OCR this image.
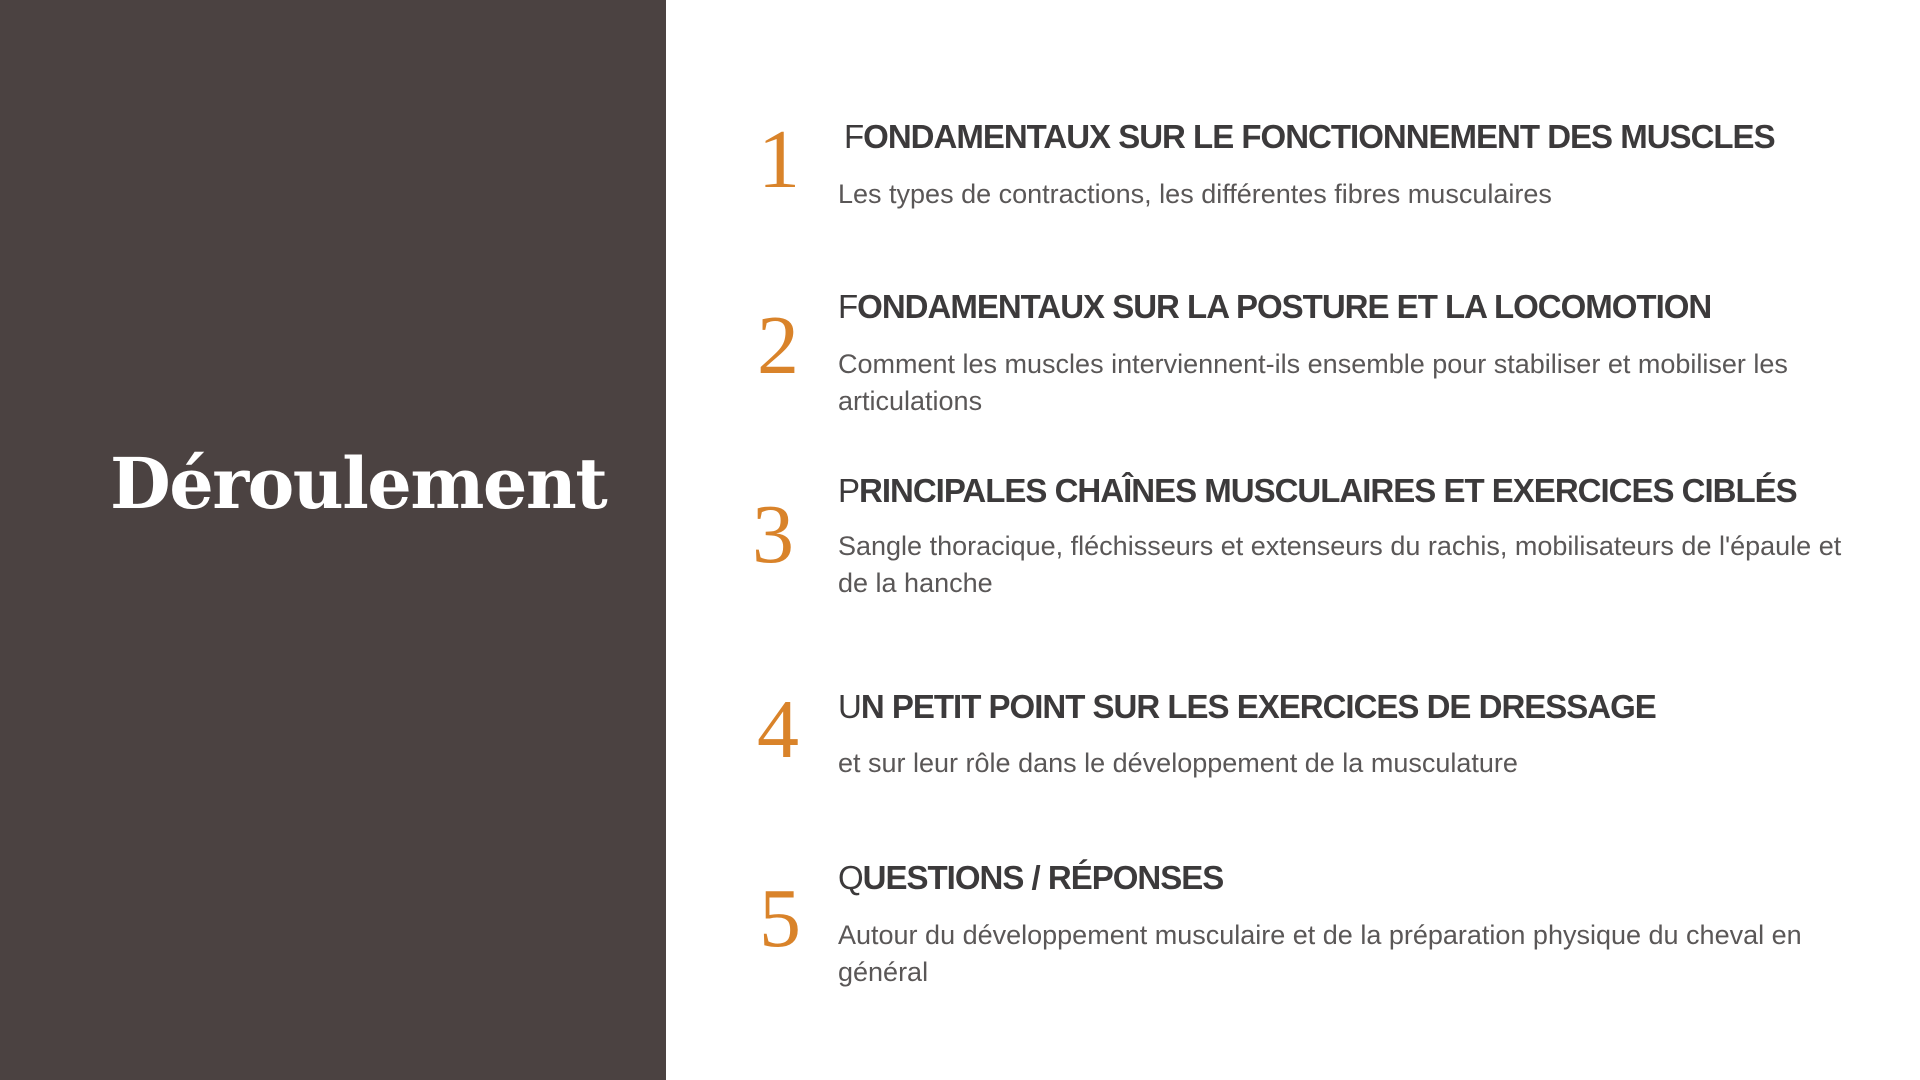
Déroulement
1 FONDAMENTAUX SUR LE FONCTIONNEMENT DES MUSCLES

Les types de contractions, les différentes fibres musculaires

2 FONDAMENTAUX SUR LA POSTURE ET LA LOCOMOTION

Comment les muscles interviennent-ils ensemble pour stabiliser et mobiliser les articulations

3 PRINCIPALES CHAÎNES MUSCULAIRES ET EXERCICES CIBLÉS

Sangle thoracique, fléchisseurs et extenseurs du rachis, mobilisateurs de l'épaule et de la hanche

4 UN PETIT POINT SUR LES EXERCICES DE DRESSAGE

et sur leur rôle dans le développement de la musculature

5 QUESTIONS / RÉPONSES

Autour du développement musculaire et de la préparation physique du cheval en général
